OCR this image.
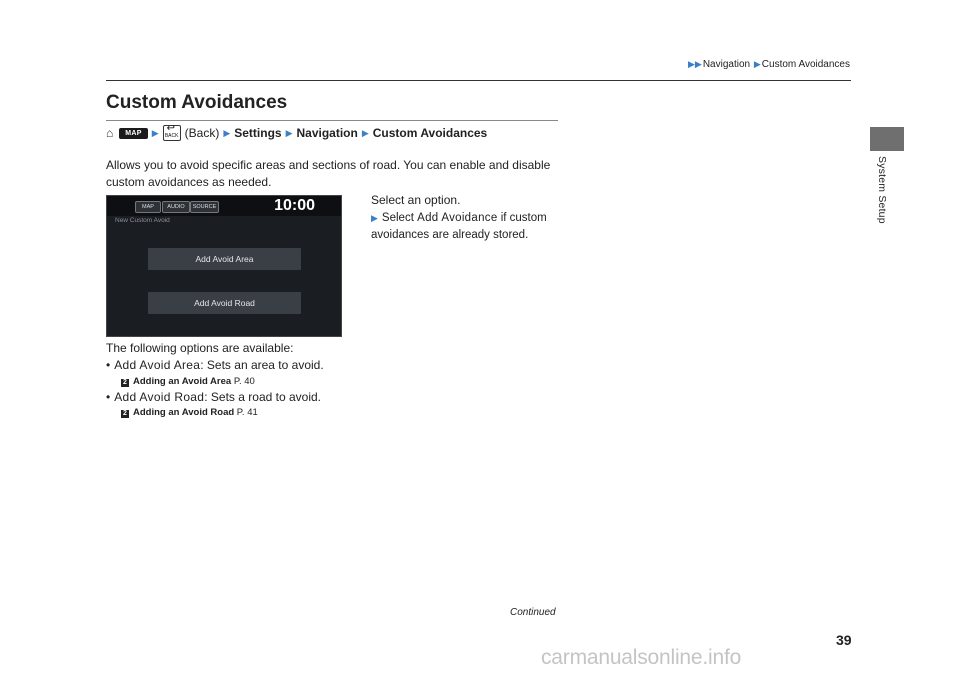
▶▶Navigation ▶Custom Avoidances
System Setup
Custom Avoidances
⌂	MAP	▶
↩	BACK (Back) ▶ Settings ▶ Navigation ▶ Custom Avoidances

Allows you to avoid specific areas and sections of road. You can enable and disable custom avoidances as needed.

MAP	AUDIO	SOURCE	10:00
New Custom Avoid
Add Avoid Area
Add Avoid Road
Select an option.
▶ Select Add Avoidance if custom avoidances are already stored.
The following options are available:
• Add Avoid Area: Sets an area to avoid.
2 Adding an Avoid Area P. 40
• Add Avoid Road: Sets a road to avoid.
2 Adding an Avoid Road P. 41
Continued
39
carmanualsonline.info
